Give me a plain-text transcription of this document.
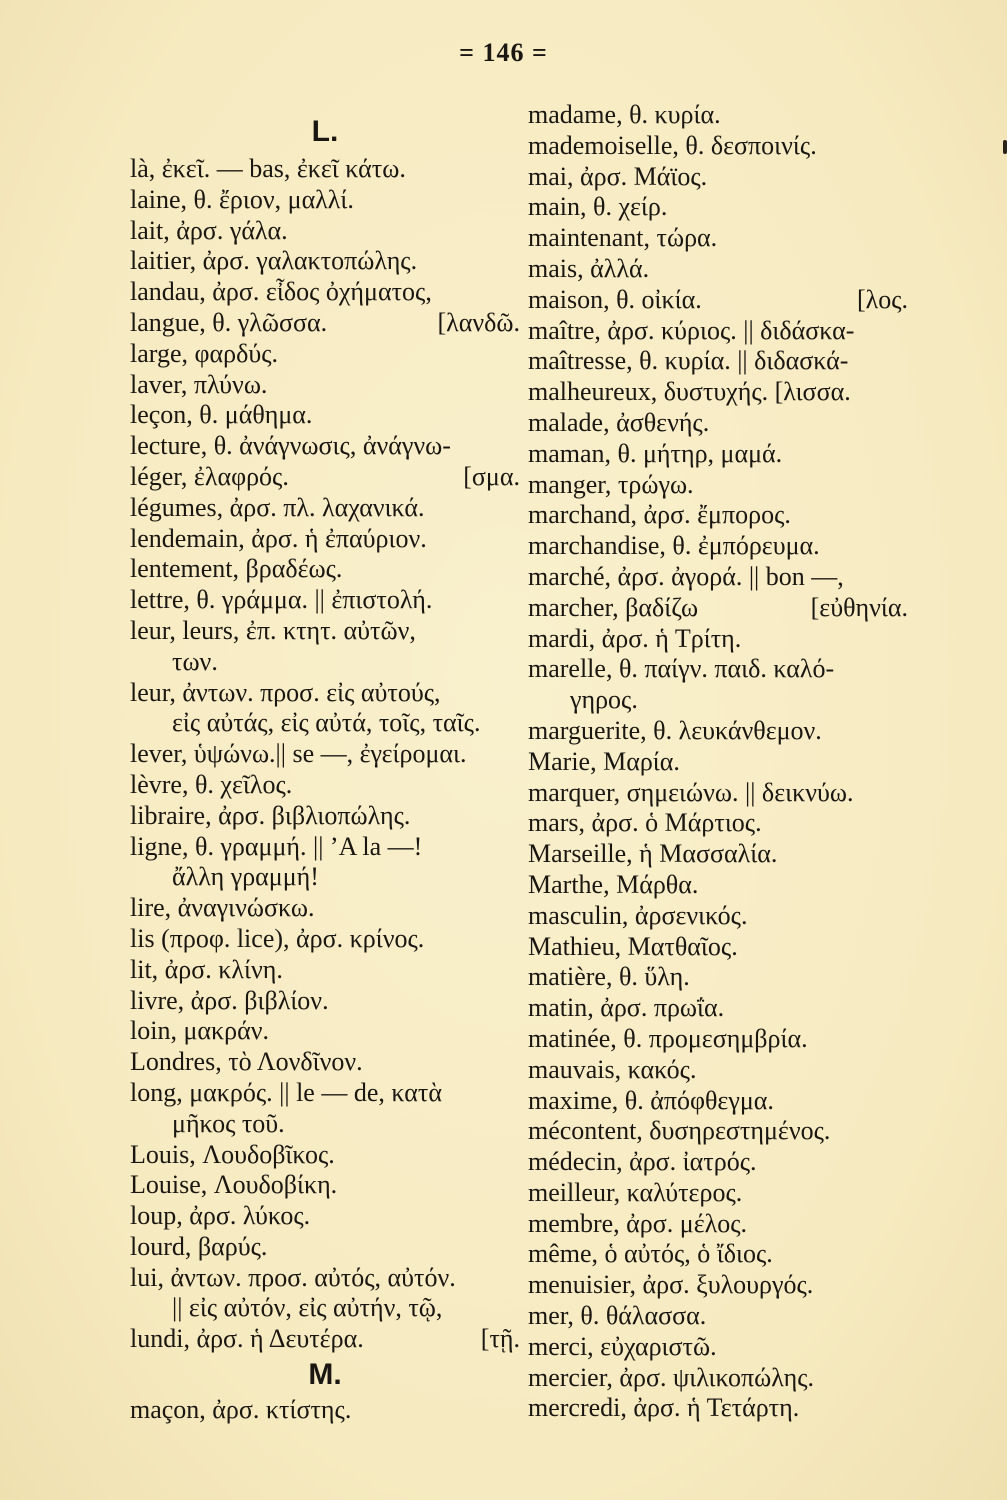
= 146 =
L.
là, ἐκεῖ. — bas, ἐκεῖ κάτω.
laine, θ. ἔριον, μαλλί.
lait, ἀρσ. γάλα.
laitier, ἀρσ. γαλακτοπώλης.
landau, ἀρσ. εἶδος ὀχήματος,
[λανδῶ.
langue, θ. γλῶσσα.
large, φαρδύς.
laver, πλύνω.
leçon, θ. μάθημα.
lecture, θ. ἀνάγνωσις, ἀνάγνω-
[σμα.
léger, ἐλαφρός.
légumes, ἀρσ. πλ. λαχανικά.
lendemain, ἀρσ. ἡ ἐπαύριον.
lentement, βραδέως.
lettre, θ. γράμμα. || ἐπιστολή.
leur, leurs, ἐπ. κτητ. αὐτῶν,
των.
leur, ἀντων. προσ. εἰς αὐτούς,
εἰς αὐτάς, εἰς αὐτά, τοῖς, ταῖς.
lever, ὑψώνω.|| se —, ἐγείρομαι.
lèvre, θ. χεῖλος.
libraire, ἀρσ. βιβλιοπώλης.
ligne, θ. γραμμή. || ʼA la —!
ἄλλη γραμμή!
lire, ἀναγινώσκω.
lis (προφ. lice), ἀρσ. κρίνος.
lit, ἀρσ. κλίνη.
livre, ἀρσ. βιβλίον.
loin, μακράν.
Londres, τὸ Λονδῖνον.
long, μακρός. || le — de, κατὰ
μῆκος τοῦ.
Louis, Λουδοβῖκος.
Louise, Λουδοβίκη.
loup, ἀρσ. λύκος.
lourd, βαρύς.
lui, ἀντων. προσ. αὐτός, αὐτόν.
|| εἰς αὐτόν, εἰς αὐτήν, τῷ,
[τῇ.
lundi, ἀρσ. ἡ Δευτέρα.
M.
maçon, ἀρσ. κτίστης.
madame, θ. κυρία.
mademoiselle, θ. δεσποινίς.
mai, ἀρσ. Μάϊος.
main, θ. χείρ.
maintenant, τώρα.
mais, ἀλλά.
[λος.
maison, θ. οἰκία.
maître, ἀρσ. κύριος. || διδάσκα-
maîtresse, θ. κυρία. || διδασκά-
malheureux, δυστυχής. [λισσα.
malade, ἀσθενής.
maman, θ. μήτηρ, μαμά.
manger, τρώγω.
marchand, ἀρσ. ἔμπορος.
marchandise, θ. ἐμπόρευμα.
marché, ἀρσ. ἀγορά. || bon —,
[εὐθηνία.
marcher, βαδίζω
mardi, ἀρσ. ἡ Τρίτη.
marelle, θ. παίγν. παιδ. καλό-
γηρος.
marguerite, θ. λευκάνθεμον.
Marie, Μαρία.
marquer, σημειώνω. || δεικνύω.
mars, ἀρσ. ὁ Μάρτιος.
Marseille, ἡ Μασσαλία.
Marthe, Μάρθα.
masculin, ἀρσενικός.
Mathieu, Ματθαῖος.
matière, θ. ὕλη.
matin, ἀρσ. πρωΐα.
matinée, θ. προμεσημβρία.
mauvais, κακός.
maxime, θ. ἀπόφθεγμα.
mécontent, δυσηρεστημένος.
médecin, ἀρσ. ἰατρός.
meilleur, καλύτερος.
membre, ἀρσ. μέλος.
même, ὁ αὐτός, ὁ ἴδιος.
menuisier, ἀρσ. ξυλουργός.
mer, θ. θάλασσα.
merci, εὐχαριστῶ.
mercier, ἀρσ. ψιλικοπώλης.
mercredi, ἀρσ. ἡ Τετάρτη.
